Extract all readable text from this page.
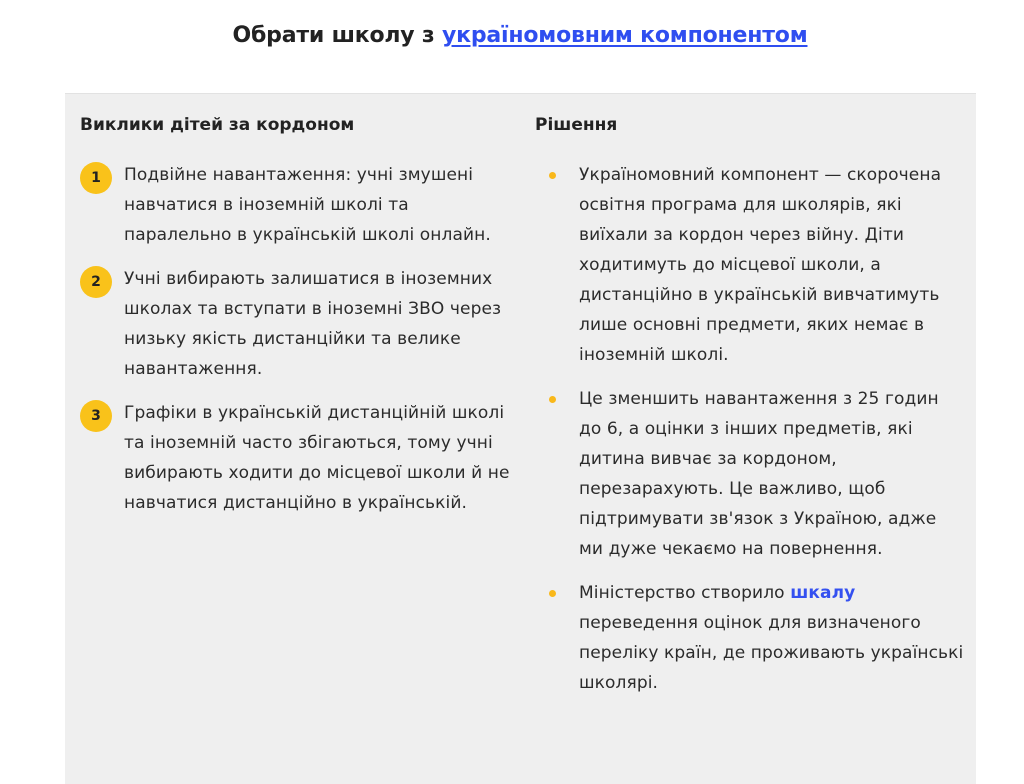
Обрати школу з україномовним компонентом
Виклики дітей за кордоном	Рішення
1	Подвійне навантаження: учні змушені навчатися в іноземній школі та паралельно в українській школі онлайн.
2	Учні вибирають залишатися в іноземних школах та вступати в іноземні ЗВО через низьку якість дистанційки та велике навантаження.
3	Графіки в українській дистанційній школі та іноземній часто збігаються, тому учні вибирають ходити до місцевої школи й не навчатися дистанційно в українській.
Україномовний компонент — скорочена освітня програма для школярів, які виїхали за кордон через війну. Діти ходитимуть до місцевої школи, а дистанційно в українській вивчатимуть лише основні предмети, яких немає в іноземній школі.
Це зменшить навантаження з 25 годин до 6, а оцінки з інших предметів, які дитина вивчає за кордоном, перезарахують. Це важливо, щоб підтримувати зв'язок з Україною, адже ми дуже чекаємо на повернення.
Міністерство створило шкалу переведення оцінок для визначеного переліку країн, де проживають українські школярі.
